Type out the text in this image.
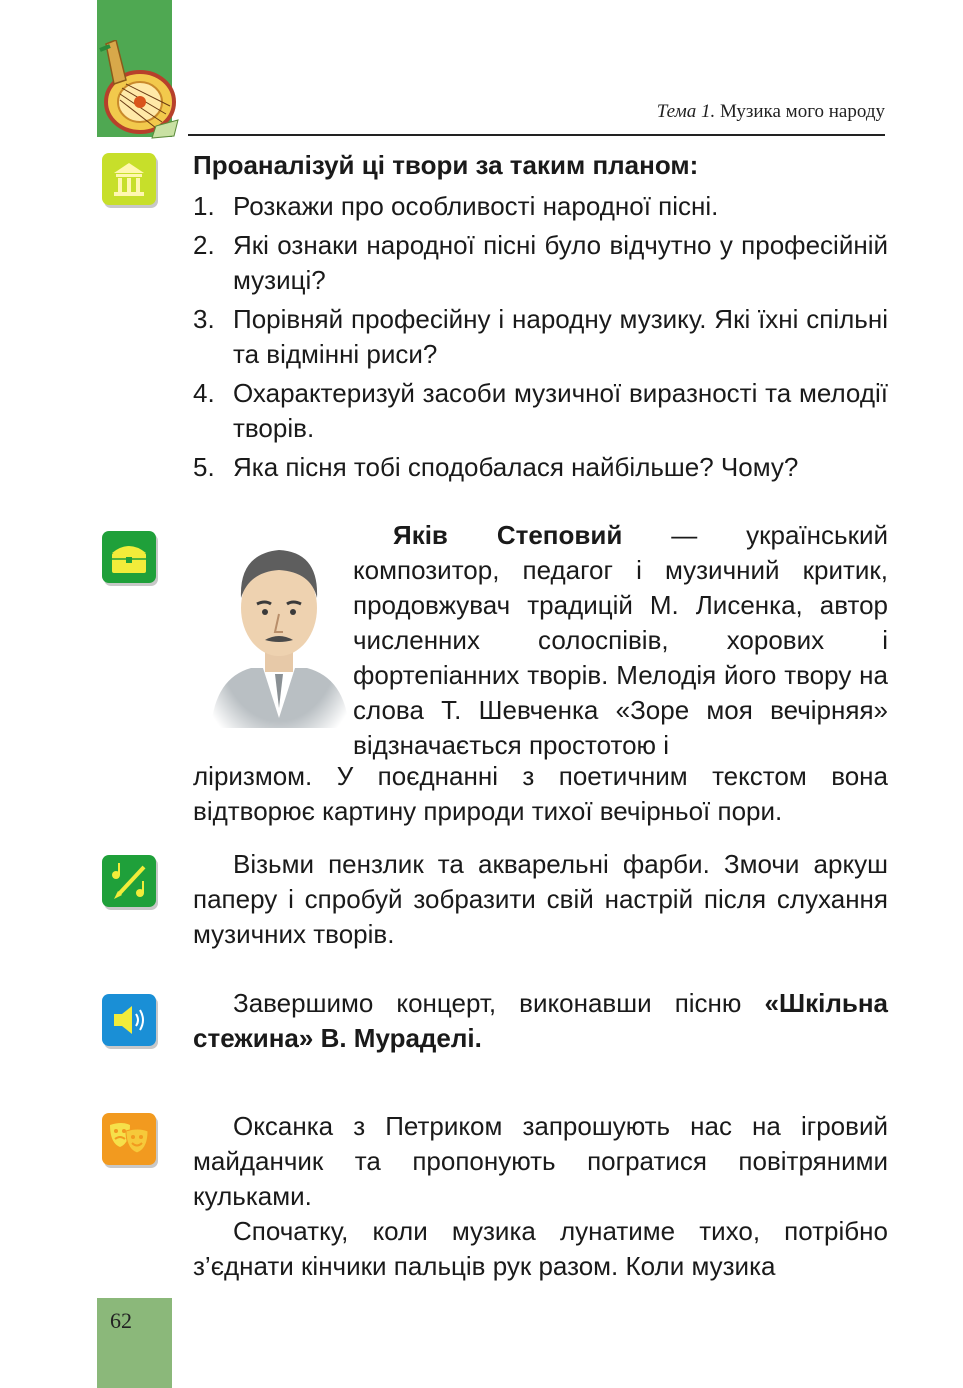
62
Тема 1. Музика мого народу
Проаналізуй ці твори за таким планом:
1. Розкажи про особливості народної пісні.
2. Які ознаки народної пісні було відчутно у професійній музиці?
3. Порівняй професійну і народну музику. Які їхні спільні та відмінні риси?
4. Охарактеризуй засоби музичної виразності та мелодії творів.
5. Яка пісня тобі сподобалася найбільше? Чому?
Яків Степовий — український композитор, педагог і музичний критик, продовжувач традицій М. Лисенка, автор численних солоспівів, хорових і фортепіанних творів. Мелодія його твору на слова Т. Шевченка «Зоре моя вечірняя» відзначається простотою і
ліризмом. У поєднанні з поетичним текстом вона відтворює картину природи тихої вечірньої пори.
Візьми пензлик та акварельні фарби. Змочи аркуш паперу і спробуй зобразити свій настрій після слухання музичних творів.
Завершимо концерт, виконавши пісню «Шкільна стежина» В. Мураделі.
Оксанка з Петриком запрошують нас на ігровий майданчик та пропонують погратися повітряними кульками.
Спочатку, коли музика лунатиме тихо, потрібно з’єднати кінчики пальців рук разом. Коли музика
